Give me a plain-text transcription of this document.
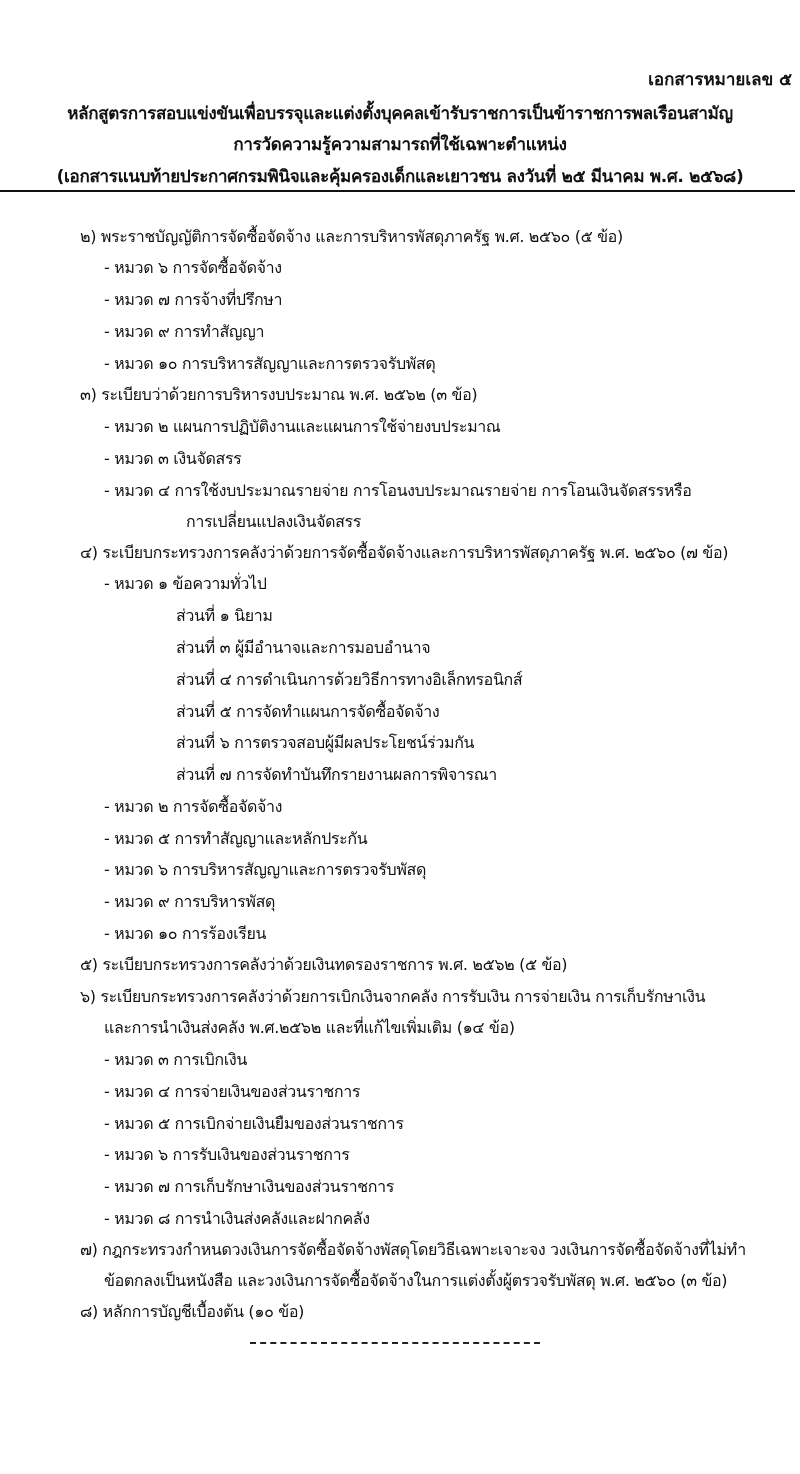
เอกสารหมายเลข ๕
หลักสูตรการสอบแข่งขันเพื่อบรรจุและแต่งตั้งบุคคลเข้ารับราชการเป็นข้าราชการพลเรือนสามัญ
การวัดความรู้ความสามารถที่ใช้เฉพาะตำแหน่ง
(เอกสารแนบท้ายประกาศกรมพินิจและคุ้มครองเด็กและเยาวชน ลงวันที่ ๒๕ มีนาคม พ.ศ. ๒๕๖๘)
๒) พระราชบัญญัติการจัดซื้อจัดจ้าง และการบริหารพัสดุภาครัฐ พ.ศ. ๒๕๖๐ (๕ ข้อ)
- หมวด ๖ การจัดซื้อจัดจ้าง
- หมวด ๗ การจ้างที่ปรึกษา
- หมวด ๙ การทำสัญญา
- หมวด ๑๐ การบริหารสัญญาและการตรวจรับพัสดุ
๓) ระเบียบว่าด้วยการบริหารงบประมาณ พ.ศ. ๒๕๖๒ (๓ ข้อ)
- หมวด ๒ แผนการปฏิบัติงานและแผนการใช้จ่ายงบประมาณ
- หมวด ๓ เงินจัดสรร
- หมวด ๔ การใช้งบประมาณรายจ่าย การโอนงบประมาณรายจ่าย การโอนเงินจัดสรรหรือ
การเปลี่ยนแปลงเงินจัดสรร
๔) ระเบียบกระทรวงการคลังว่าด้วยการจัดซื้อจัดจ้างและการบริหารพัสดุภาครัฐ พ.ศ. ๒๕๖๐ (๗ ข้อ)
- หมวด ๑ ข้อความทั่วไป
ส่วนที่ ๑ นิยาม
ส่วนที่ ๓ ผู้มีอำนาจและการมอบอำนาจ
ส่วนที่ ๔ การดำเนินการด้วยวิธีการทางอิเล็กทรอนิกส์
ส่วนที่ ๕ การจัดทำแผนการจัดซื้อจัดจ้าง
ส่วนที่ ๖ การตรวจสอบผู้มีผลประโยชน์ร่วมกัน
ส่วนที่ ๗ การจัดทำบันทึกรายงานผลการพิจารณา
- หมวด ๒ การจัดซื้อจัดจ้าง
- หมวด ๕ การทำสัญญาและหลักประกัน
- หมวด ๖ การบริหารสัญญาและการตรวจรับพัสดุ
- หมวด ๙ การบริหารพัสดุ
- หมวด ๑๐ การร้องเรียน
๕) ระเบียบกระทรวงการคลังว่าด้วยเงินทดรองราชการ พ.ศ. ๒๕๖๒ (๕ ข้อ)
๖) ระเบียบกระทรวงการคลังว่าด้วยการเบิกเงินจากคลัง การรับเงิน การจ่ายเงิน การเก็บรักษาเงิน
และการนำเงินส่งคลัง พ.ศ.๒๕๖๒ และที่แก้ไขเพิ่มเติม (๑๔ ข้อ)
- หมวด ๓ การเบิกเงิน
- หมวด ๔ การจ่ายเงินของส่วนราชการ
- หมวด ๕ การเบิกจ่ายเงินยืมของส่วนราชการ
- หมวด ๖ การรับเงินของส่วนราชการ
- หมวด ๗ การเก็บรักษาเงินของส่วนราชการ
- หมวด ๘ การนำเงินส่งคลังและฝากคลัง
๗) กฎกระทรวงกำหนดวงเงินการจัดซื้อจัดจ้างพัสดุโดยวิธีเฉพาะเจาะจง วงเงินการจัดซื้อจัดจ้างที่ไม่ทำ
ข้อตกลงเป็นหนังสือ และวงเงินการจัดซื้อจัดจ้างในการแต่งตั้งผู้ตรวจรับพัสดุ พ.ศ. ๒๕๖๐ (๓ ข้อ)
๘) หลักการบัญชีเบื้องต้น (๑๐ ข้อ)
